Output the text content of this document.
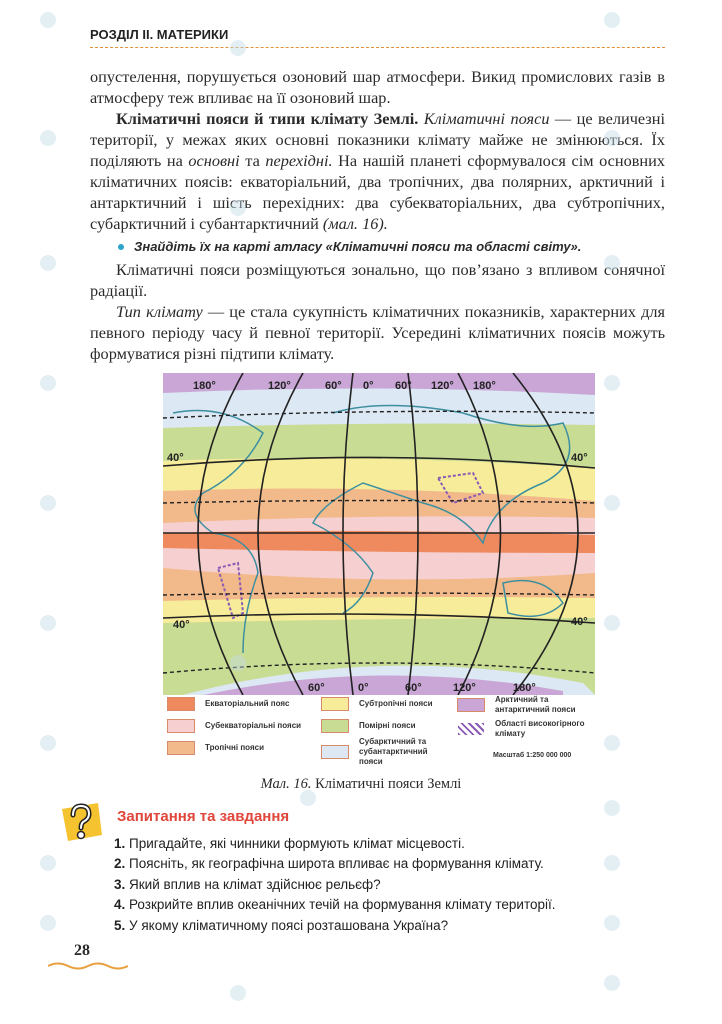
РОЗДІЛ ІІ. МАТЕРИКИ

опустелення, порушується озоновий шар атмосфери. Викид промислових газів в атмосферу теж впливає на її озоновий шар.

Кліматичні пояси й типи клімату Землі. Кліматичні пояси — це величезні території, у межах яких основні показники клімату майже не змінюються. Їх поділяють на основні та перехідні. На нашій планеті сформувалося сім основних кліматичних поясів: екваторіальний, два тропічних, два полярних, арктичний і антарктичний і шість перехідних: два субекваторіальних, два субтропічних, субарктичний і субантарктичний (мал. 16).

Знайдіть їх на карті атласу «Кліматичні пояси та області світу».

Кліматичні пояси розміщуються зонально, що пов’язано з впливом сонячної радіації.

Тип клімату — це стала сукупність кліматичних показників, характерних для певного періоду часу й певної території. Усередині кліматичних поясів можуть формуватися різні підтипи клімату.

180°	120°	60° 0° 60° 120° 180°
60°	0°	60°	120°	180°
40°	40°
40°	40°
Екваторіальний пояс
Субекваторіальні пояси
Тропічні пояси
Субтропічні пояси
Помірні пояси
Субарктичний та субантарктичний пояси
Арктичний та антарктичний пояси
Області високогірного клімату
Масштаб 1:250 000 000
Мал. 16. Кліматичні пояси Землі
Запитання та завдання
1. Пригадайте, які чинники формують клімат місцевості.
2. Поясніть, як географічна широта впливає на формування клімату.
3. Який вплив на клімат здійснює рельєф?
4. Розкрийте вплив океанічних течій на формування клімату території.
5. У якому кліматичному поясі розташована Україна?
28
